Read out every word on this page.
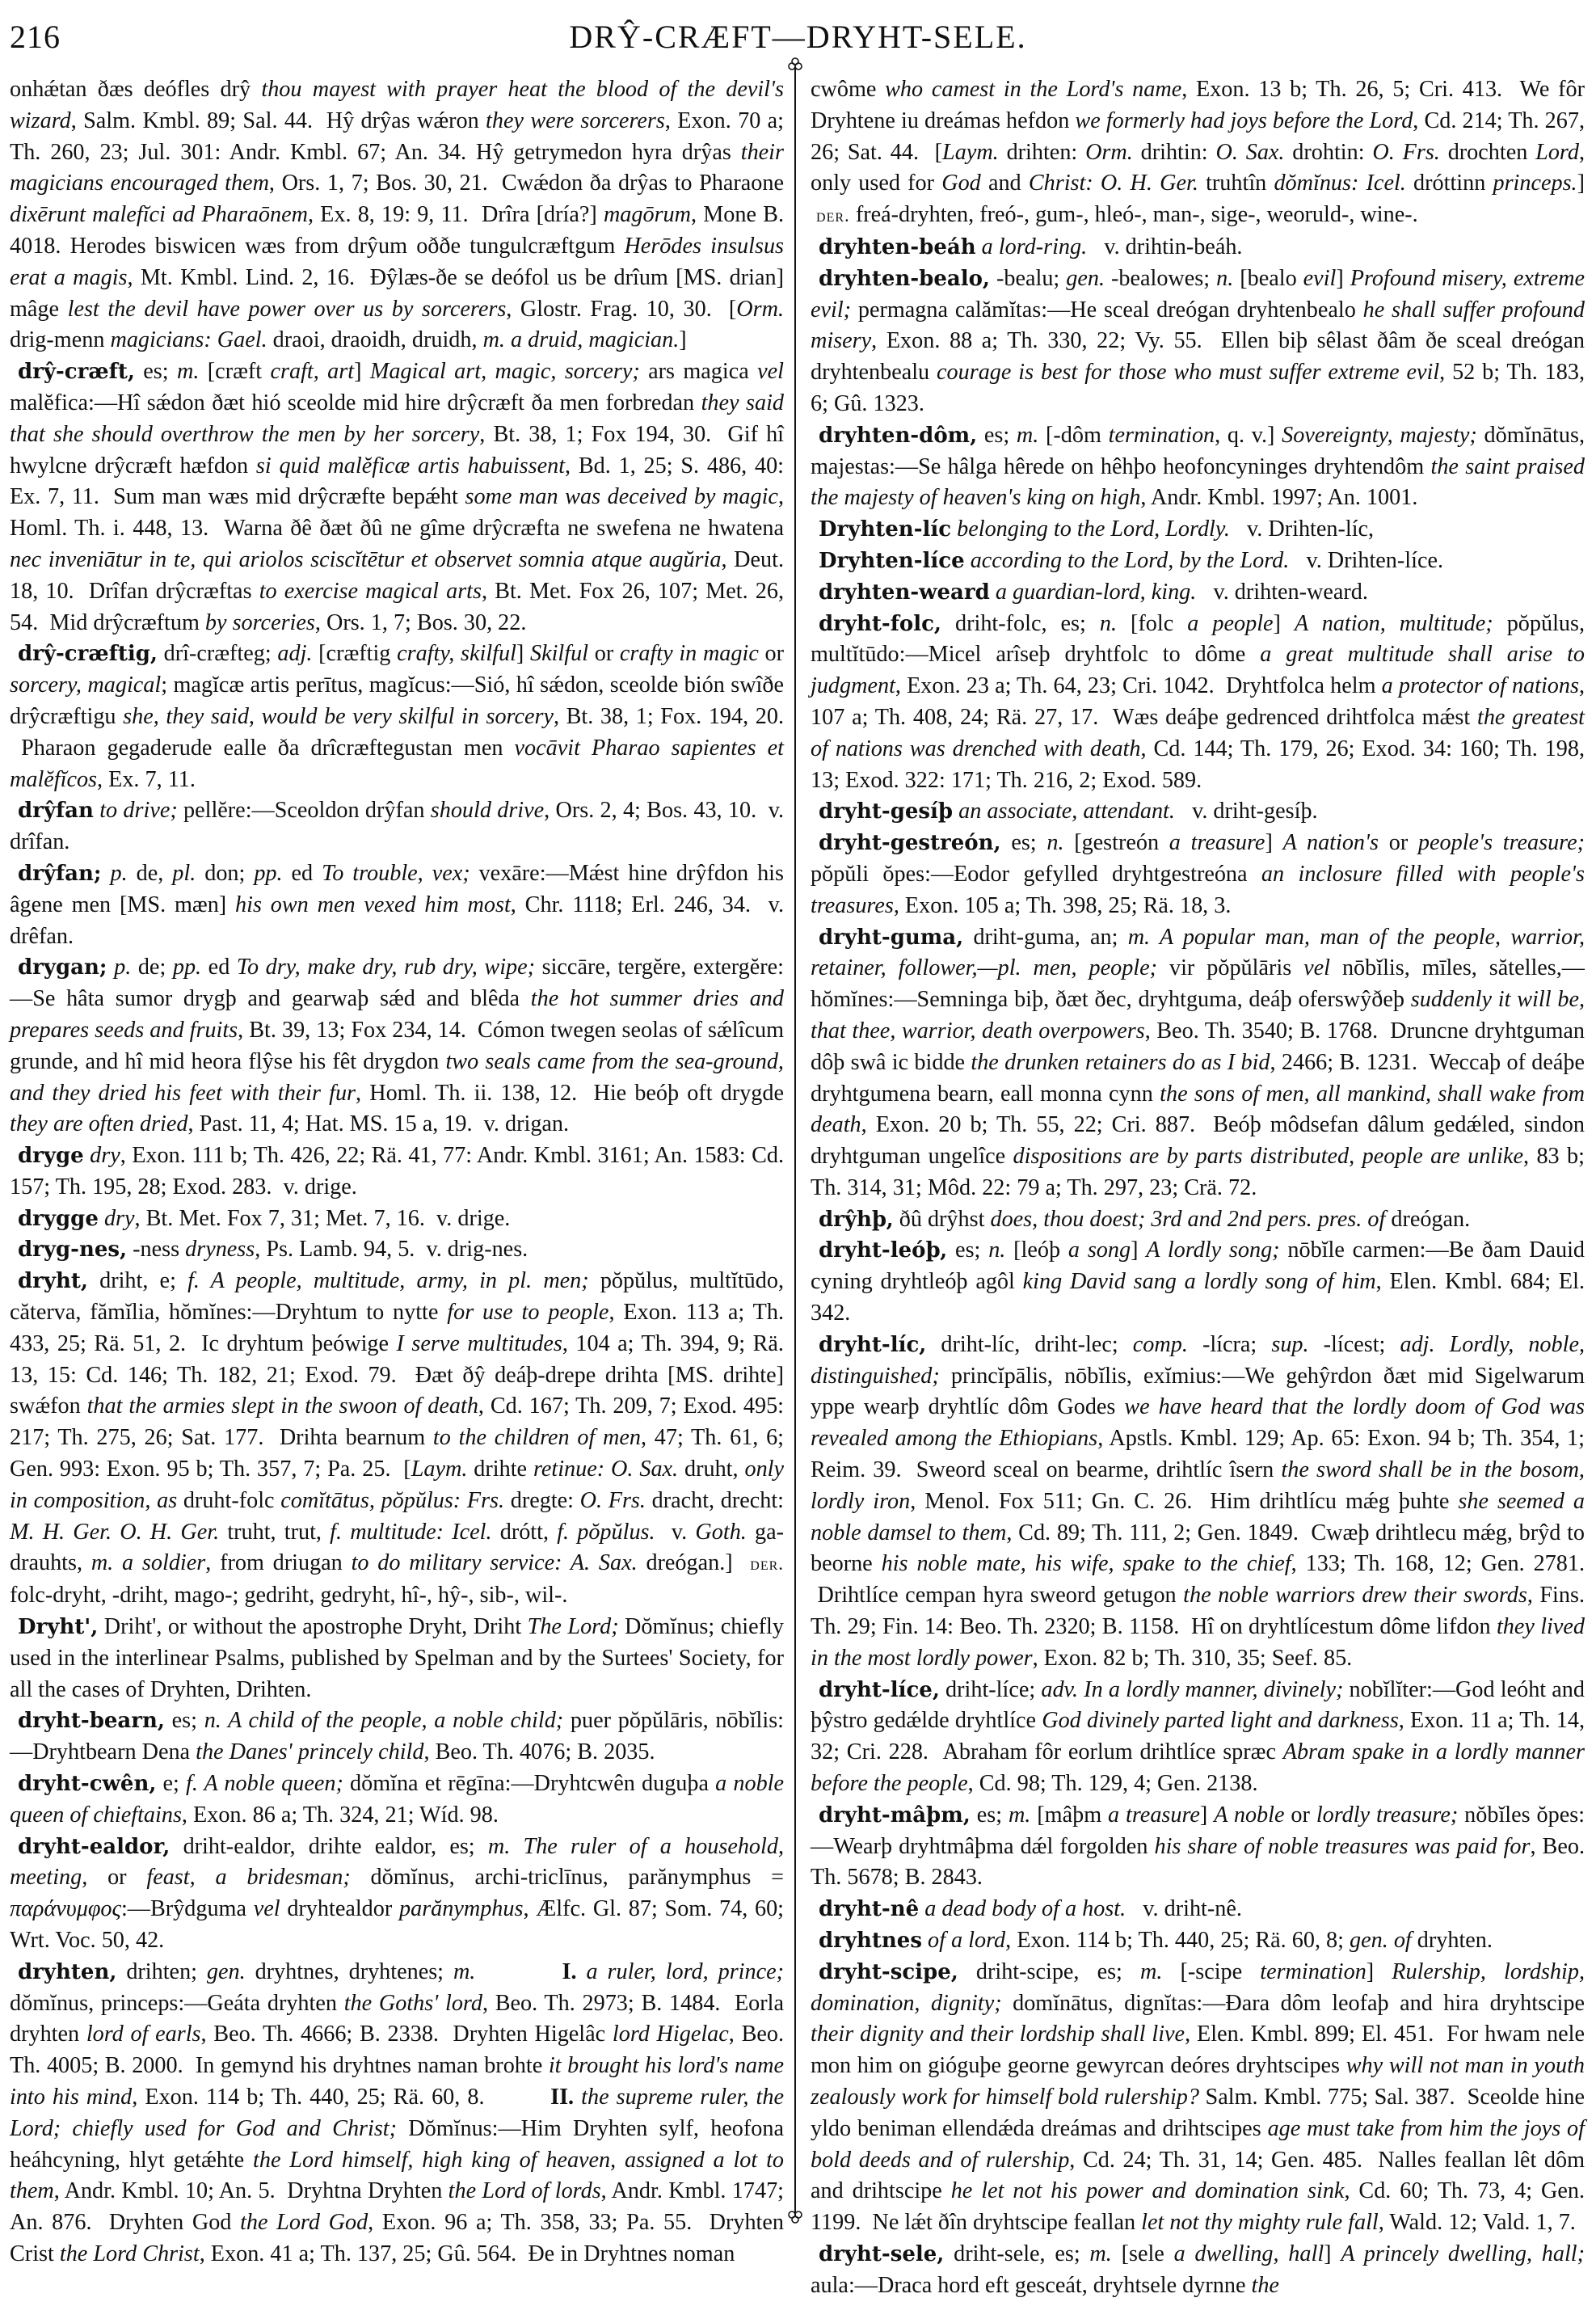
216	DRŶ-CRÆFT—DRYHT-SELE.

onhǽtan ðæs deófles drŷ thou mayest with prayer heat the blood of the devil's wizard, Salm. Kmbl. 89; Sal. 44.  Hŷ drŷas wǽron they were sorcerers, Exon. 70 a; Th. 260, 23; Jul. 301: Andr. Kmbl. 67; An. 34. Hŷ getrymedon hyra drŷas their magicians encouraged them, Ors. 1, 7; Bos. 30, 21.  Cwǽdon ða drŷas to Pharaone dixērunt malefĭci ad Pharaōnem, Ex. 8, 19: 9, 11.  Drîra [dría?] magōrum, Mone B. 4018. Herodes biswicen wæs from drŷum oððe tungulcræftgum Herōdes insulsus erat a magis, Mt. Kmbl. Lind. 2, 16.  Ðŷlæs-ðe se deófol us be drîum [MS. drian] mâge lest the devil have power over us by sorcerers, Glostr. Frag. 10, 30.  [Orm. drig-menn magicians: Gael. draoi, draoidh, druidh, m. a druid, magician.]

drŷ-cræft, es; m. [cræft craft, art] Magical art, magic, sorcery; ars magica vel malĕfica:—Hî sǽdon ðæt hió sceolde mid hire drŷcræft ða men forbredan they said that she should overthrow the men by her sorcery, Bt. 38, 1; Fox 194, 30.  Gif hî hwylcne drŷcræft hæfdon si quid malĕficæ artis habuissent, Bd. 1, 25; S. 486, 40: Ex. 7, 11.  Sum man wæs mid drŷcræfte bepǽht some man was deceived by magic, Homl. Th. i. 448, 13.  Warna ðê ðæt ðû ne gîme drŷcræfta ne swefena ne hwatena nec inveniātur in te, qui ariolos sciscĭtētur et observet somnia atque augŭria, Deut. 18, 10.  Drîfan drŷcræftas to exercise magical arts, Bt. Met. Fox 26, 107; Met. 26, 54.  Mid drŷcræftum by sorceries, Ors. 1, 7; Bos. 30, 22.

drŷ-cræftig, drî-cræfteg; adj. [cræftig crafty, skilful] Skilful or crafty in magic or sorcery, magical; magĭcæ artis perītus, magĭcus:—Sió, hî sǽdon, sceolde bión swîðe drŷcræftigu she, they said, would be very skilful in sorcery, Bt. 38, 1; Fox. 194, 20.  Pharaon gegaderude ealle ða drîcræftegustan men vocāvit Pharao sapientes et malĕfĭcos, Ex. 7, 11.

drŷfan to drive; pellĕre:—Sceoldon drŷfan should drive, Ors. 2, 4; Bos. 43, 10.  v. drîfan.

drŷfan; p. de, pl. don; pp. ed To trouble, vex; vexāre:—Mǽst hine drŷfdon his âgene men [MS. mæn] his own men vexed him most, Chr. 1118; Erl. 246, 34.  v. drêfan.

drygan; p. de; pp. ed To dry, make dry, rub dry, wipe; siccāre, tergĕre, extergĕre:—Se hâta sumor drygþ and gearwaþ sǽd and blêda the hot summer dries and prepares seeds and fruits, Bt. 39, 13; Fox 234, 14.  Cómon twegen seolas of sǽlîcum grunde, and hî mid heora flŷse his fêt drygdon two seals came from the sea-ground, and they dried his feet with their fur, Homl. Th. ii. 138, 12.  Hie beóþ oft drygde they are often dried, Past. 11, 4; Hat. MS. 15 a, 19.  v. drigan.

dryge dry, Exon. 111 b; Th. 426, 22; Rä. 41, 77: Andr. Kmbl. 3161; An. 1583: Cd. 157; Th. 195, 28; Exod. 283.  v. drige.

drygge dry, Bt. Met. Fox 7, 31; Met. 7, 16.  v. drige.

dryg-nes, -ness dryness, Ps. Lamb. 94, 5.  v. drig-nes.

dryht, driht, e; f. A people, multitude, army, in pl. men; pŏpŭlus, multĭtūdo, cătervа, fămĭlia, hŏmĭnes:—Dryhtum to nytte for use to people, Exon. 113 a; Th. 433, 25; Rä. 51, 2.  Ic dryhtum þeówige I serve multitudes, 104 a; Th. 394, 9; Rä. 13, 15: Cd. 146; Th. 182, 21; Exod. 79.  Ðæt ðŷ deáþ-drepe drihta [MS. drihte] swǽfon that the armies slept in the swoon of death, Cd. 167; Th. 209, 7; Exod. 495: 217; Th. 275, 26; Sat. 177.  Drihta bearnum to the children of men, 47; Th. 61, 6; Gen. 993: Exon. 95 b; Th. 357, 7; Pa. 25.  [Laym. drihte retinue: O. Sax. druht, only in composition, as druht-folc comĭtātus, pŏpŭlus: Frs. dregte: O. Frs. dracht, drecht: M. H. Ger. O. H. Ger. truht, trut, f. multitude: Icel. drótt, f. pŏpŭlus.  v. Goth. ga-drauhts, m. a soldier, from driugan to do military service: A. Sax. dreógan.]  der. folc-dryht, -driht, mago-; gedriht, gedryht, hî-, hŷ-, sib-, wil-.

Dryht', Driht', or without the apostrophe Dryht, Driht The Lord; Dŏmĭnus; chiefly used in the interlinear Psalms, published by Spelman and by the Surtees' Society, for all the cases of Dryhten, Drihten.

dryht-bearn, es; n. A child of the people, a noble child; puer pŏpŭlāris, nōbĭlis:—Dryhtbearn Dena the Danes' princely child, Beo. Th. 4076; B. 2035.

dryht-cwên, e; f. A noble queen; dŏmĭna et rēgīna:—Dryhtcwên duguþa a noble queen of chieftains, Exon. 86 a; Th. 324, 21; Wíd. 98.

dryht-ealdor, driht-ealdor, drihte ealdor, es; m. The ruler of a household, meeting, or feast, a bridesman; dŏmĭnus, archi-triclīnus, parănymphus = παράνυμφος:—Brŷdguma vel dryhtealdor parănymphus, Ælfc. Gl. 87; Som. 74, 60; Wrt. Voc. 50, 42.

dryhten, drihten; gen. dryhtnes, dryhtenes; m.	I. a ruler, lord, prince; dŏmĭnus, princeps:—Geáta dryhten the Goths' lord, Beo. Th. 2973; B. 1484.  Eorla dryhten lord of earls, Beo. Th. 4666; B. 2338.  Dryhten Higelâc lord Higelac, Beo. Th. 4005; B. 2000.  In gemynd his dryhtnes naman brohte it brought his lord's name into his mind, Exon. 114 b; Th. 440, 25; Rä. 60, 8.         II. the supreme ruler, the Lord; chiefly used for God and Christ; Dŏmĭnus:—Him Dryhten sylf, heofona heáhcyning, hlyt getǽhte the Lord himself, high king of heaven, assigned a lot to them, Andr. Kmbl. 10; An. 5.  Dryhtna Dryhten the Lord of lords, Andr. Kmbl. 1747; An. 876.  Dryhten God the Lord God, Exon. 96 a; Th. 358, 33; Pa. 55.  Dryhten Crist the Lord Christ, Exon. 41 a; Th. 137, 25; Gû. 564.  Ðe in Dryhtnes noman

cwôme who camest in the Lord's name, Exon. 13 b; Th. 26, 5; Cri. 413.  We fôr Dryhtene iu dreámas hefdon we formerly had joys before the Lord, Cd. 214; Th. 267, 26; Sat. 44.  [Laym. drihten: Orm. drihtin: O. Sax. drohtin: O. Frs. drochten Lord, only used for God and Christ: O. H. Ger. truhtîn dŏmĭnus: Icel. dróttinn princeps.]  der. freá-dryhten, freó-, gum-, hleó-, man-, sige-, weoruld-, wine-.

dryhten-beáh a lord-ring.   v. drihtin-beáh.

dryhten-bealo, -bealu; gen. -bealowes; n. [bealo evil] Profound misery, extreme evil; permagna calămĭtas:—He sceal dreógan dryhtenbealo he shall suffer profound misery, Exon. 88 a; Th. 330, 22; Vy. 55.  Ellen biþ sêlast ðâm ðe sceal dreógan dryhtenbealu courage is best for those who must suffer extreme evil, 52 b; Th. 183, 6; Gû. 1323.

dryhten-dôm, es; m. [-dôm termination, q. v.] Sovereignty, majesty; dŏmĭnātus, majestas:—Se hâlga hêrede on hêhþo heofoncyninges dryhtendôm the saint praised the majesty of heaven's king on high, Andr. Kmbl. 1997; An. 1001.

Dryhten-líc belonging to the Lord, Lordly.   v. Drihten-líc,

Dryhten-líce according to the Lord, by the Lord.   v. Drihten-líce.

dryhten-weard a guardian-lord, king.   v. drihten-weard.

dryht-folc, driht-folc, es; n. [folc a people] A nation, multitude; pŏpŭlus, multĭtūdo:—Micel arîseþ dryhtfolc to dôme a great multitude shall arise to judgment, Exon. 23 a; Th. 64, 23; Cri. 1042.  Dryhtfolca helm a protector of nations, 107 a; Th. 408, 24; Rä. 27, 17.  Wæs deáþe gedrenced drihtfolca mǽst the greatest of nations was drenched with death, Cd. 144; Th. 179, 26; Exod. 34: 160; Th. 198, 13; Exod. 322: 171; Th. 216, 2; Exod. 589.

dryht-gesíþ an associate, attendant.   v. driht-gesíþ.

dryht-gestreón, es; n. [gestreón a treasure] A nation's or people's treasure; pŏpŭli ŏpes:—Eodor gefylled dryhtgestreóna an inclosure filled with people's treasures, Exon. 105 a; Th. 398, 25; Rä. 18, 3.

dryht-guma, driht-guma, an; m. A popular man, man of the people, warrior, retainer, follower,—pl. men, people; vir pŏpŭlāris vel nōbĭlis, mīles, sătelles,—hŏmĭnes:—Semninga biþ, ðæt ðec, dryhtguma, deáþ oferswŷðeþ suddenly it will be, that thee, warrior, death overpowers, Beo. Th. 3540; B. 1768.  Druncne dryhtguman dôþ swâ ic bidde the drunken retainers do as I bid, 2466; B. 1231.  Weccaþ of deáþe dryhtgumena bearn, eall monna cynn the sons of men, all mankind, shall wake from death, Exon. 20 b; Th. 55, 22; Cri. 887.  Beóþ môdsefan dâlum gedǽled, sindon dryhtguman ungelîce dispositions are by parts distributed, people are unlike, 83 b; Th. 314, 31; Môd. 22: 79 a; Th. 297, 23; Crä. 72.

drŷhþ, ðû drŷhst does, thou doest; 3rd and 2nd pers. pres. of dreógan.

dryht-leóþ, es; n. [leóþ a song] A lordly song; nōbĭle carmen:—Be ðam Dauid cyning dryhtleóþ agôl king David sang a lordly song of him, Elen. Kmbl. 684; El. 342.

dryht-líc, driht-líc, driht-lec; comp. -lícra; sup. -lícest; adj. Lordly, noble, distinguished; princĭpālis, nōbĭlis, exĭmius:—We gehŷrdon ðæt mid Sigelwarum yppe wearþ dryhtlíc dôm Godes we have heard that the lordly doom of God was revealed among the Ethiopians, Apstls. Kmbl. 129; Ap. 65: Exon. 94 b; Th. 354, 1; Reim. 39.  Sweord sceal on bearme, drihtlíc îsern the sword shall be in the bosom, lordly iron, Menol. Fox 511; Gn. C. 26.  Him drihtlícu mǽg þuhte she seemed a noble damsel to them, Cd. 89; Th. 111, 2; Gen. 1849.  Cwæþ drihtlecu mǽg, brŷd to beorne his noble mate, his wife, spake to the chief, 133; Th. 168, 12; Gen. 2781.  Drihtlíce cempan hyra sweord getugon the noble warriors drew their swords, Fins. Th. 29; Fin. 14: Beo. Th. 2320; B. 1158.  Hî on dryhtlícestum dôme lifdon they lived in the most lordly power, Exon. 82 b; Th. 310, 35; Seef. 85.

dryht-líce, driht-líce; adv. In a lordly manner, divinely; nobĭlĭter:—God leóht and þŷstro gedǽlde dryhtlíce God divinely parted light and darkness, Exon. 11 a; Th. 14, 32; Cri. 228.  Abraham fôr eorlum drihtlíce spræc Abram spake in a lordly manner before the people, Cd. 98; Th. 129, 4; Gen. 2138.

dryht-mâþm, es; m. [mâþm a treasure] A noble or lordly treasure; nŏbĭles ŏpes:—Wearþ dryhtmâþma dǽl forgolden his share of noble treasures was paid for, Beo. Th. 5678; B. 2843.

dryht-nê a dead body of a host.   v. driht-nê.

dryhtnes of a lord, Exon. 114 b; Th. 440, 25; Rä. 60, 8; gen. of dryhten.

dryht-scipe, driht-scipe, es; m. [-scipe termination] Rulership, lordship, domination, dignity; domĭnātus, dignĭtas:—Ðara dôm leofaþ and hira dryhtscipe their dignity and their lordship shall live, Elen. Kmbl. 899; El. 451.  For hwam nele mon him on gióguþe georne gewyrcan deóres dryhtscipes why will not man in youth zealously work for himself bold rulership? Salm. Kmbl. 775; Sal. 387.  Sceolde hine yldo beniman ellendǽda dreámas and drihtscipes age must take from him the joys of bold deeds and of rulership, Cd. 24; Th. 31, 14; Gen. 485.  Nalles feallan lêt dôm and drihtscipe he let not his power and domination sink, Cd. 60; Th. 73, 4; Gen. 1199.  Ne lǽt ðîn dryhtscipe feallan let not thy mighty rule fall, Wald. 12; Vald. 1, 7.

dryht-sele, driht-sele, es; m. [sele a dwelling, hall] A princely dwelling, hall; aula:—Draca hord eft gesceát, dryhtsele dyrnne the
